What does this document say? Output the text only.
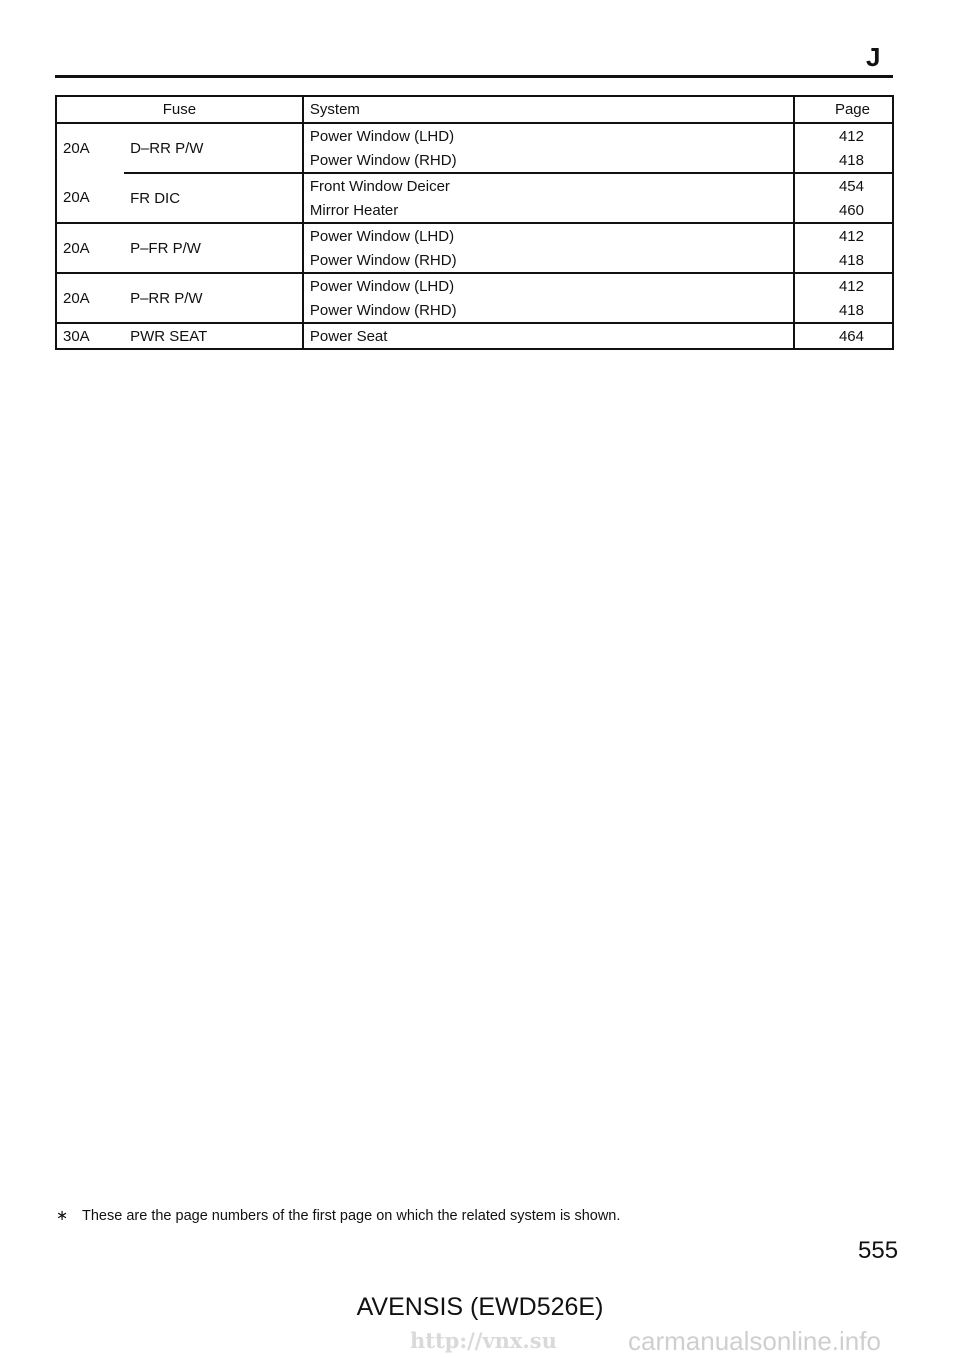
J
Fuse		System	Page
20A	D–RR P/W	Power Window (LHD)	412
		Power Window (RHD)	418
20A	FR DIC	Front Window Deicer	454
		Mirror Heater	460
20A	P–FR P/W	Power Window (LHD)	412
		Power Window (RHD)	418
20A	P–RR P/W	Power Window (LHD)	412
		Power Window (RHD)	418
30A	PWR SEAT	Power Seat	464
∗ These are the page numbers of the first page on which the related system is shown.
555
AVENSIS (EWD526E)
http://vnx.su	carmanualsonline.info
